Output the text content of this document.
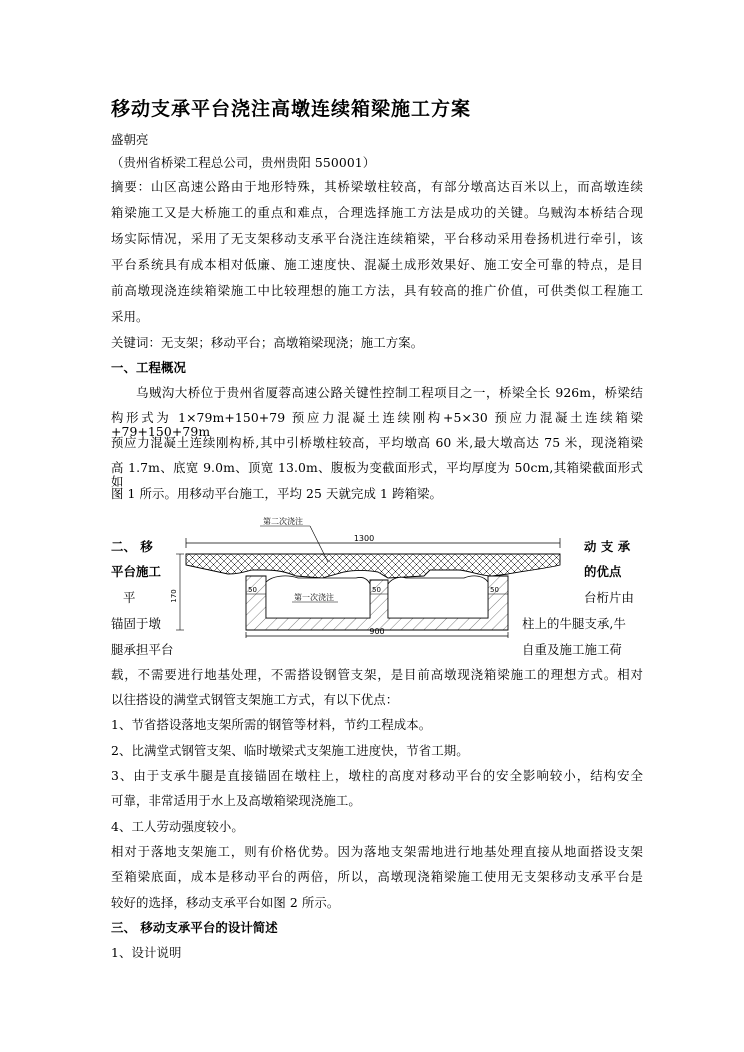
移动支承平台浇注高墩连续箱梁施工方案
盛朝亮
（贵州省桥梁工程总公司，贵州贵阳 550001）
摘要：山区高速公路由于地形特殊，其桥梁墩柱较高，有部分墩高达百米以上，而高墩连续
箱梁施工又是大桥施工的重点和难点，合理选择施工方法是成功的关键。乌贼沟本桥结合现
场实际情况，采用了无支架移动支承平台浇注连续箱梁，平台移动采用卷扬机进行牵引，该
平台系统具有成本相对低廉、施工速度快、混凝土成形效果好、施工安全可靠的特点，是目
前高墩现浇连续箱梁施工中比较理想的施工方法，具有较高的推广价值，可供类似工程施工
采用。
关键词：无支架；移动平台；高墩箱梁现浇；施工方案。
一、工程概况
乌贼沟大桥位于贵州省厦蓉高速公路关键性控制工程项目之一，桥梁全长 926m，桥梁结
构形式为 1×79m+150+79 预应力混凝土连续刚构+5×30 预应力混凝土连续箱梁+79+150+79m
预应力混凝土连续刚构桥,其中引桥墩柱较高，平均墩高 60 米,最大墩高达 75 米，现浇箱梁
高 1.7m、底宽 9.0m、顶宽 13.0m、腹板为变截面形式，平均厚度为 50cm,其箱梁截面形式如
图 1 所示。用移动平台施工，平均 25 天就完成 1 跨箱梁。
二、 移	动 支 承
平台施工	的优点
平	台桁片由
锚固于墩	柱上的牛腿支承,牛
腿承担平台	自重及施工施工荷
1300
第二次浇注
第一次浇注
50	50	50
170
900
载，不需要进行地基处理，不需搭设钢管支架，是目前高墩现浇箱梁施工的理想方式。相对
以往搭设的满堂式钢管支架施工方式，有以下优点：
1、节省搭设落地支架所需的钢管等材料，节约工程成本。
2、比满堂式钢管支架、临时墩梁式支架施工进度快，节省工期。
3、由于支承牛腿是直接锚固在墩柱上，墩柱的高度对移动平台的安全影响较小，结构安全
可靠，非常适用于水上及高墩箱梁现浇施工。
4、工人劳动强度较小。
相对于落地支架施工，则有价格优势。因为落地支架需地进行地基处理直接从地面搭设支架
至箱梁底面，成本是移动平台的两倍，所以，高墩现浇箱梁施工使用无支架移动支承平台是
较好的选择，移动支承平台如图 2 所示。
三、 移动支承平台的设计简述
1、设计说明
